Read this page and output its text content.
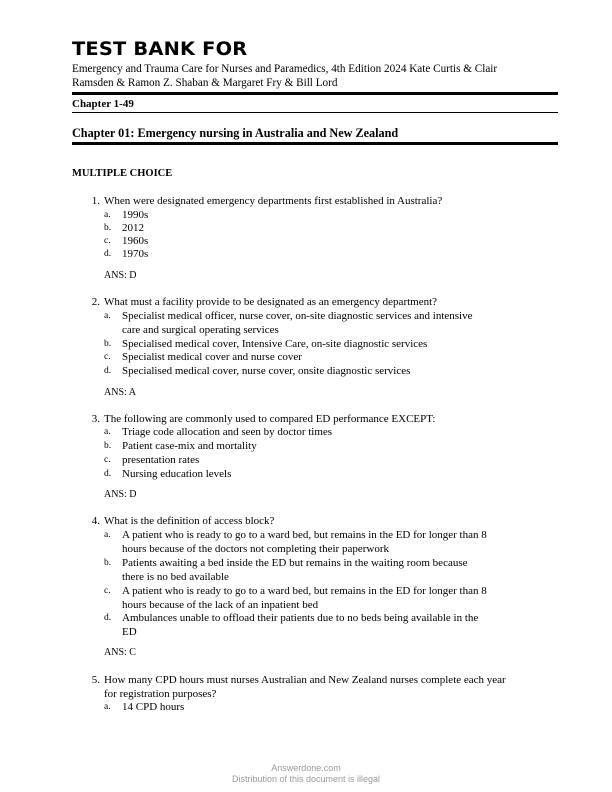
TEST BANK FOR
Emergency and Trauma Care for Nurses and Paramedics, 4th Edition 2024 Kate Curtis & Clair
Ramsden & Ramon Z. Shaban & Margaret Fry & Bill Lord
Chapter 1-49
Chapter 01: Emergency nursing in Australia and New Zealand
MULTIPLE CHOICE
1. When were designated emergency departments first established in Australia?
a. 1990s
b. 2012
c. 1960s
d. 1970s
ANS: D
2. What must a facility provide to be designated as an emergency department?
a. Specialist medical officer, nurse cover, on-site diagnostic services and intensive
care and surgical operating services
b. Specialised medical cover, Intensive Care, on-site diagnostic services
c. Specialist medical cover and nurse cover
d. Specialised medical cover, nurse cover, onsite diagnostic services
ANS: A
3. The following are commonly used to compared ED performance EXCEPT:
a. Triage code allocation and seen by doctor times
b. Patient case-mix and mortality
c. presentation rates
d. Nursing education levels
ANS: D
4. What is the definition of access block?
a. A patient who is ready to go to a ward bed, but remains in the ED for longer than 8
hours because of the doctors not completing their paperwork
b. Patients awaiting a bed inside the ED but remains in the waiting room because
there is no bed available
c. A patient who is ready to go to a ward bed, but remains in the ED for longer than 8
hours because of the lack of an inpatient bed
d. Ambulances unable to offload their patients due to no beds being available in the
ED
ANS: C
5. How many CPD hours must nurses Australian and New Zealand nurses complete each year
for registration purposes?
a. 14 CPD hours
Answerdone.com
Distribution of this document is illegal
